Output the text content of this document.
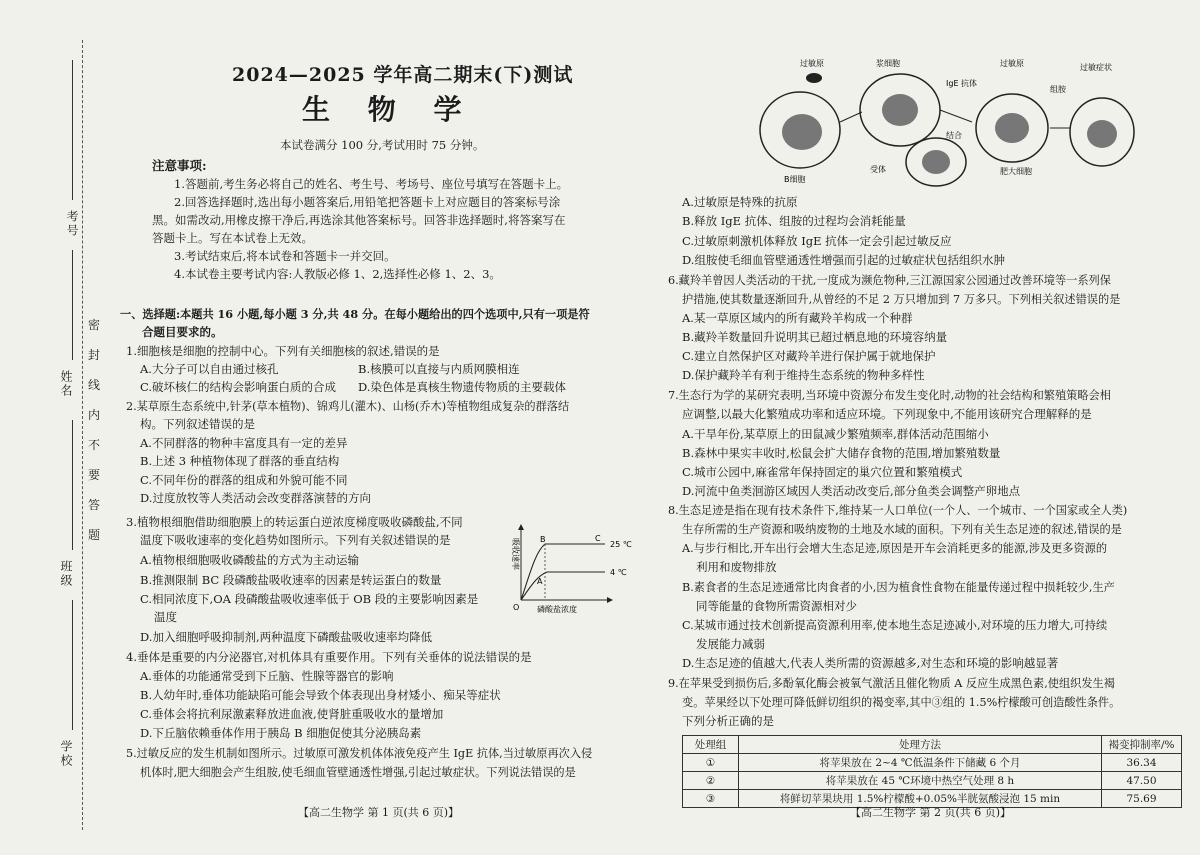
考号
姓名
班级
学校
密
封
线
内
不
要
答
题
2024—2025 学年高二期末(下)测试
生 物 学
本试卷满分 100 分,考试用时 75 分钟。
注意事项:
1.答题前,考生务必将自己的姓名、考生号、考场号、座位号填写在答题卡上。
2.回答选择题时,选出每小题答案后,用铅笔把答题卡上对应题目的答案标号涂
黑。如需改动,用橡皮擦干净后,再选涂其他答案标号。回答非选择题时,将答案写在
答题卡上。写在本试卷上无效。
3.考试结束后,将本试卷和答题卡一并交回。
4.本试卷主要考试内容:人教版必修 1、2,选择性必修 1、2、3。
一、选择题:本题共 16 小题,每小题 3 分,共 48 分。在每小题给出的四个选项中,只有一项是符
合题目要求的。
1.细胞核是细胞的控制中心。下列有关细胞核的叙述,错误的是
A.大分子可以自由通过核孔	B.核膜可以直接与内质网膜相连
C.破坏核仁的结构会影响蛋白质的合成 D.染色体是真核生物遗传物质的主要载体
2.某草原生态系统中,针茅(草本植物)、锦鸡儿(灌木)、山杨(乔木)等植物组成复杂的群落结
构。下列叙述错误的是
A.不同群落的物种丰富度具有一定的差异
B.上述 3 种植物体现了群落的垂直结构
C.不同年份的群落的组成和外貌可能不同
D.过度放牧等人类活动会改变群落演替的方向
3.植物根细胞借助细胞膜上的转运蛋白逆浓度梯度吸收磷酸盐,不同
温度下吸收速率的变化趋势如图所示。下列有关叙述错误的是
A.植物根细胞吸收磷酸盐的方式为主动运输
B.推测限制 BC 段磷酸盐吸收速率的因素是转运蛋白的数量
C.相同浓度下,OA 段磷酸盐吸收速率低于 OB 段的主要影响因素是
温度
D.加入细胞呼吸抑制剂,两种温度下磷酸盐吸收速率均降低
4.垂体是重要的内分泌器官,对机体具有重要作用。下列有关垂体的说法错误的是
A.垂体的功能通常受到下丘脑、性腺等器官的影响
B.人幼年时,垂体功能缺陷可能会导致个体表现出身材矮小、痴呆等症状
C.垂体会将抗利尿激素释放进血液,使肾脏重吸收水的量增加
D.下丘脑依赖垂体作用于胰岛 B 细胞促使其分泌胰岛素
5.过敏反应的发生机制如图所示。过敏原可激发机体体液免疫产生 IgE 抗体,当过敏原再次入侵
机体时,肥大细胞会产生组胺,使毛细血管壁通透性增强,引起过敏症状。下列说法错误的是
吸收速率
磷酸盐浓度
25 ℃
4 ℃
A
B	C
O
【高二生物学 第 1 页(共 6 页)】
B细胞
过敏原	浆细胞
IgE 抗体
结合
过敏原
受体	肥大细胞
过敏症状
组胺
A.过敏原是特殊的抗原
B.释放 IgE 抗体、组胺的过程均会消耗能量
C.过敏原刺激机体释放 IgE 抗体一定会引起过敏反应
D.组胺使毛细血管壁通透性增强而引起的过敏症状包括组织水肿
6.藏羚羊曾因人类活动的干扰,一度成为濒危物种,三江源国家公园通过改善环境等一系列保
护措施,使其数量逐渐回升,从曾经的不足 2 万只增加到 7 万多只。下列相关叙述错误的是
A.某一草原区域内的所有藏羚羊构成一个种群
B.藏羚羊数量回升说明其已超过栖息地的环境容纳量
C.建立自然保护区对藏羚羊进行保护属于就地保护
D.保护藏羚羊有利于维持生态系统的物种多样性
7.生态行为学的某研究表明,当环境中资源分布发生变化时,动物的社会结构和繁殖策略会相
应调整,以最大化繁殖成功率和适应环境。下列现象中,不能用该研究合理解释的是
A.干旱年份,某草原上的田鼠减少繁殖频率,群体活动范围缩小
B.森林中果实丰收时,松鼠会扩大储存食物的范围,增加繁殖数量
C.城市公园中,麻雀常年保持固定的巢穴位置和繁殖模式
D.河流中鱼类洄游区域因人类活动改变后,部分鱼类会调整产卵地点
8.生态足迹是指在现有技术条件下,维持某一人口单位(一个人、一个城市、一个国家或全人类)
生存所需的生产资源和吸纳废物的土地及水域的面积。下列有关生态足迹的叙述,错误的是
A.与步行相比,开车出行会增大生态足迹,原因是开车会消耗更多的能源,涉及更多资源的
利用和废物排放
B.素食者的生态足迹通常比肉食者的小,因为植食性食物在能量传递过程中损耗较少,生产
同等能量的食物所需资源相对少
C.某城市通过技术创新提高资源利用率,使本地生态足迹减小,对环境的压力增大,可持续
发展能力减弱
D.生态足迹的值越大,代表人类所需的资源越多,对生态和环境的影响越显著
9.在苹果受到损伤后,多酚氧化酶会被氧气激活且催化物质 A 反应生成黑色素,使组织发生褐
变。苹果经以下处理可降低鲜切组织的褐变率,其中③组的 1.5%柠檬酸可创造酸性条件。
下列分析正确的是
处理组	处理方法	褐变抑制率/%
①	将苹果放在 2~4 ℃低温条件下储藏 6 个月	36.34
②	将苹果放在 45 ℃环境中热空气处理 8 h	47.50
③	将鲜切苹果块用 1.5%柠檬酸+0.05%半胱氨酸浸泡 15 min	75.69
【高二生物学 第 2 页(共 6 页)】
